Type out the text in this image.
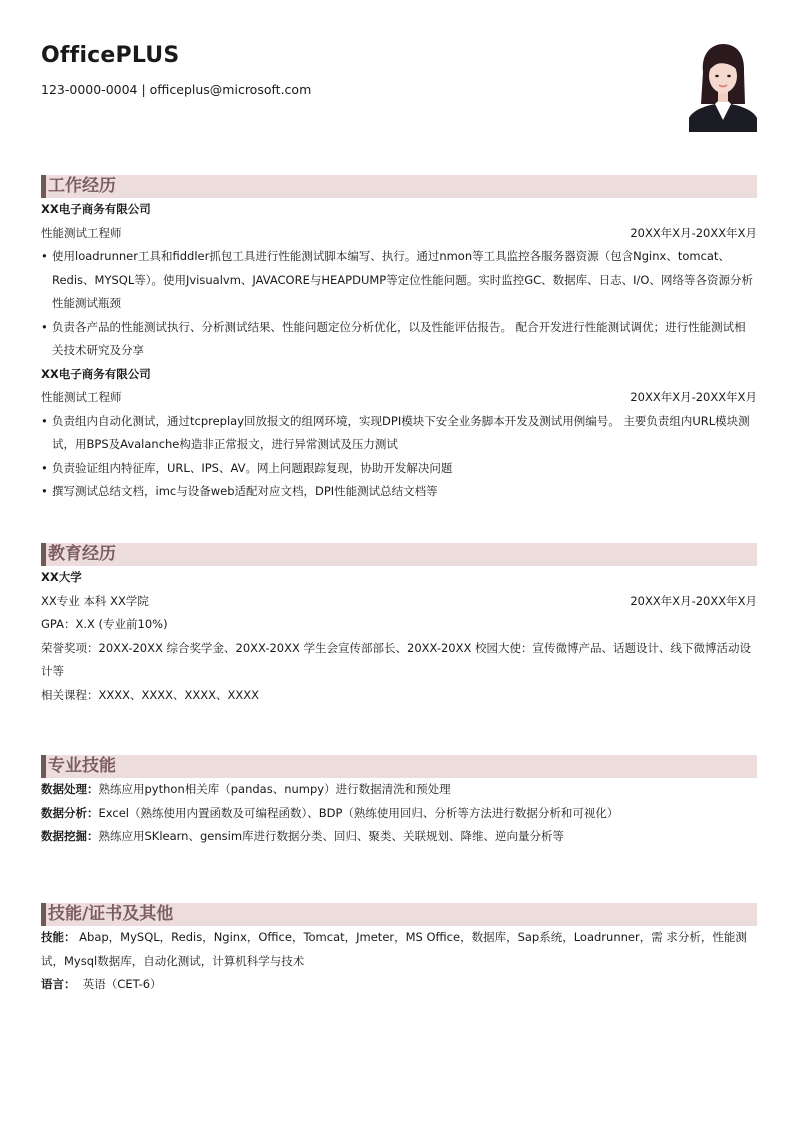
OfficePLUS
123-0000-0004 | officeplus@microsoft.com
工作经历
XX电子商务有限公司
性能测试工程师	20XX年X月-20XX年X月
• 使用loadrunner工具和fiddler抓包工具进行性能测试脚本编写、执行。通过nmon等工具监控各服务器资源（包含Nginx、tomcat、Redis、MYSQL等）。使用Jvisualvm、JAVACORE与HEAPDUMP等定位性能问题。实时监控GC、数据库、日志、I/O、网络等各资源分析性能测试瓶颈
• 负责各产品的性能测试执行、分析测试结果、性能问题定位分析优化，以及性能评估报告。 配合开发进行性能测试调优；进行性能测试相关技术研究及分享
XX电子商务有限公司
性能测试工程师	20XX年X月-20XX年X月
• 负责组内自动化测试，通过tcpreplay回放报文的组网环境，实现DPI模块下安全业务脚本开发及测试用例编号。 主要负责组内URL模块测试，用BPS及Avalanche构造非正常报文，进行异常测试及压力测试
• 负责验证组内特征库，URL、IPS、AV。网上问题跟踪复现，协助开发解决问题
• 撰写测试总结文档，imc与设备web适配对应文档，DPI性能测试总结文档等
教育经历
XX大学
XX专业 本科 XX学院	20XX年X月-20XX年X月
GPA：X.X (专业前10%)
荣誉奖项：20XX-20XX 综合奖学金、20XX-20XX 学生会宣传部部长、20XX-20XX 校园大使：宣传微博产品、话题设计、线下微博活动设计等
相关课程：XXXX、XXXX、XXXX、XXXX
专业技能
数据处理：熟练应用python相关库（pandas、numpy）进行数据清洗和预处理
数据分析：Excel（熟练使用内置函数及可编程函数）、BDP（熟练使用回归、分析等方法进行数据分析和可视化）
数据挖掘：熟练应用SKlearn、gensim库进行数据分类、回归、聚类、关联规划、降维、逆向量分析等
技能/证书及其他
技能： Abap，MySQL，Redis，Nginx，Office，Tomcat，Jmeter，MS Office，数据库，Sap系统，Loadrunner，需 求分析，性能测试，Mysql数据库，自动化测试，计算机科学与技术
语言：  英语（CET-6）
